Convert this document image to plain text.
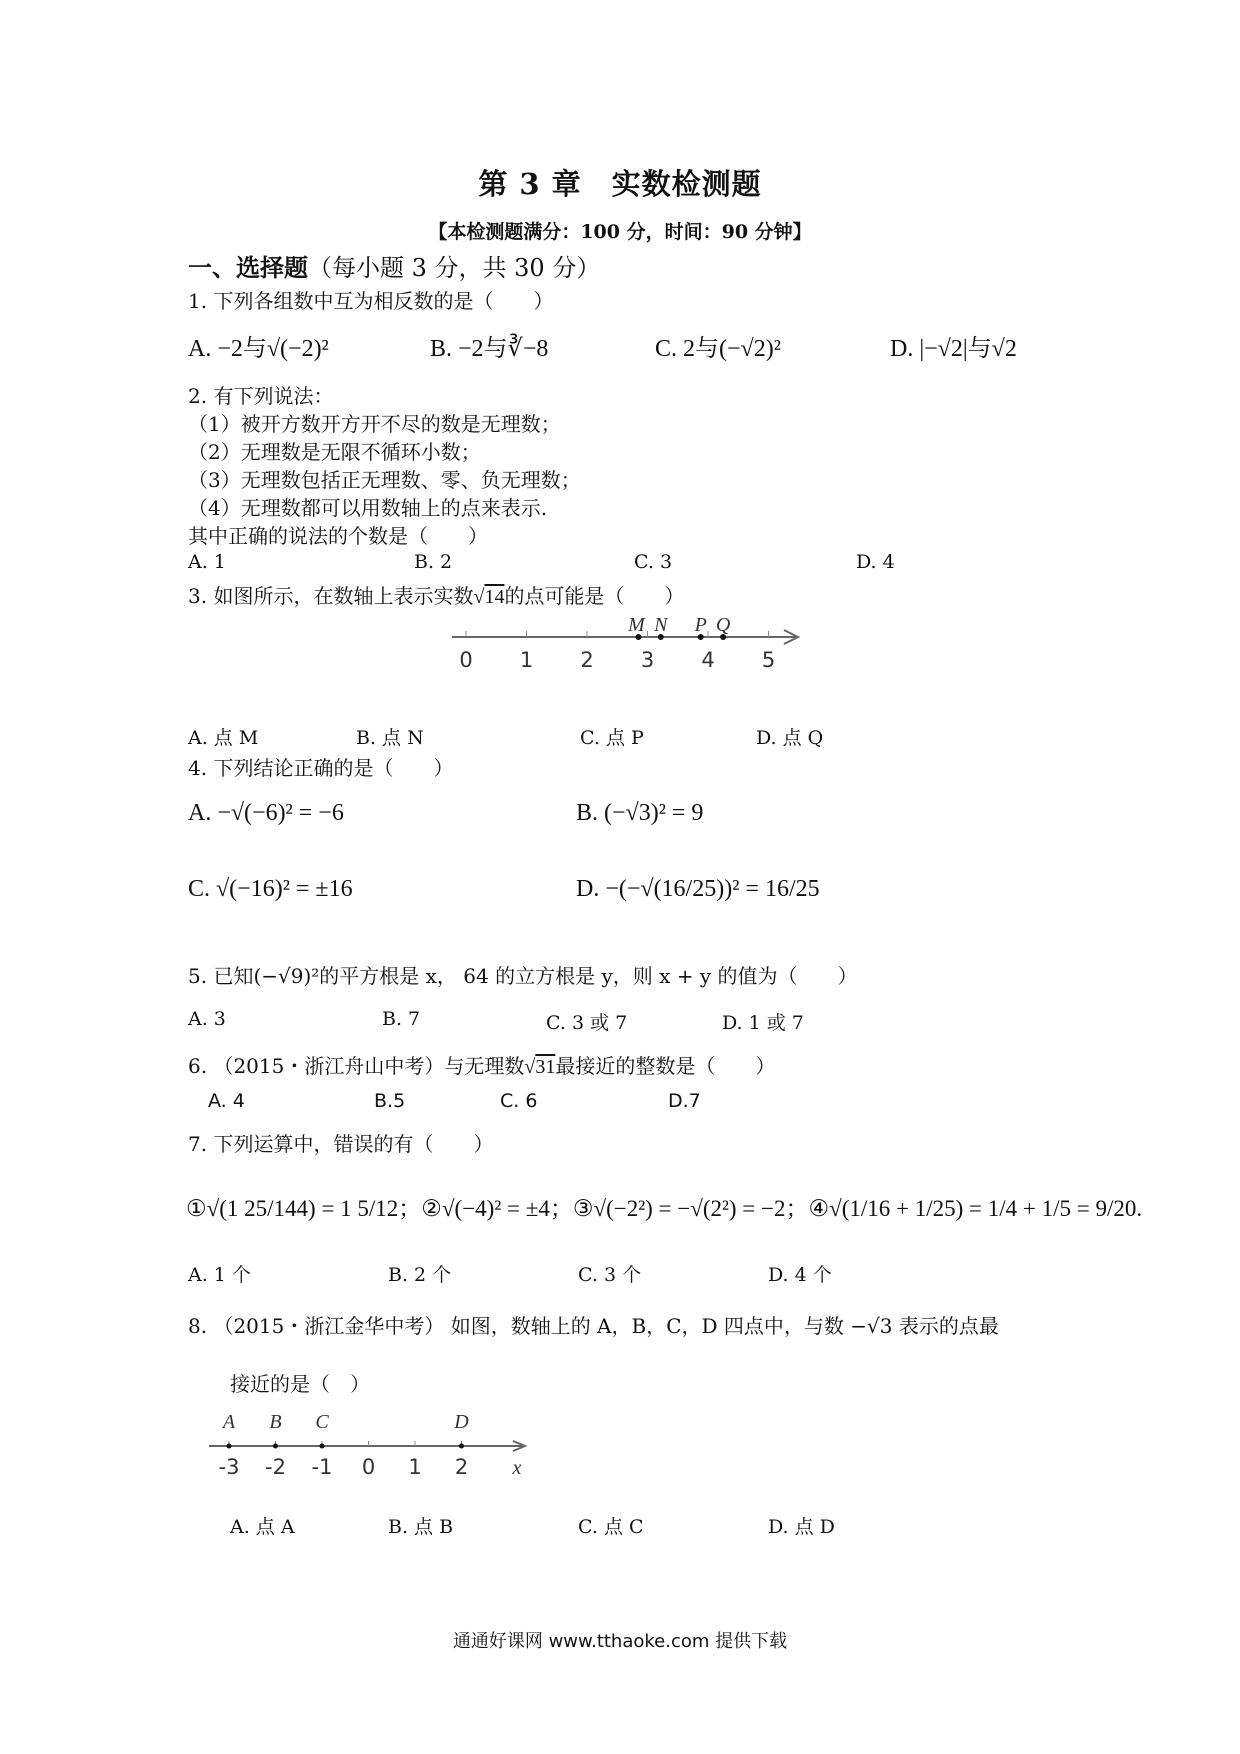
第 3 章　实数检测题
【本检测题满分：100 分，时间：90 分钟】
一、选择题（每小题 3 分，共 30 分）
1. 下列各组数中互为相反数的是（　　）
A. −2与√(−2)²	B. −2与∛−8	C. 2与(−√2)²	D. |−√2|与√2
2. 有下列说法：
（1）被开方数开方开不尽的数是无理数；
（2）无理数是无限不循环小数；
（3）无理数包括正无理数、零、负无理数；
（4）无理数都可以用数轴上的点来表示.
其中正确的说法的个数是（　　）
A. 1	B. 2	C. 3	D. 4
3. 如图所示，在数轴上表示实数√14的点可能是（　　）
0 1 2 3 4 5
M N P Q
A. 点 M	B. 点 N	C. 点 P	D. 点 Q
4. 下列结论正确的是（　　）
A. −√(−6)² = −6	B. (−√3)² = 9
C. √(−16)² = ±16	D. −(−√(16/25))² = 16/25
5. 已知(−√9)²的平方根是 x， 64 的立方根是 y，则 x + y 的值为（　　）
A. 3	B. 7	C. 3 或 7	D. 1 或 7
6. （2015・浙江舟山中考）与无理数√31最接近的整数是（　　）
A. 4	B.5	C. 6	D.7
7. 下列运算中，错误的有（　　）
①√(1 25/144) = 1 5/12；②√(−4)² = ±4；③√(−2²) = −√(2²) = −2；④√(1/16 + 1/25) = 1/4 + 1/5 = 9/20.
A. 1 个	B. 2 个	C. 3 个	D. 4 个
8. （2015・浙江金华中考） 如图，数轴上的 A，B，C，D 四点中，与数 −√3 表示的点最
接近的是（　）
-3 -2 -1 0 1 2 x
A B C	D
A. 点 A	B. 点 B	C. 点 C	D. 点 D
通通好课网 www.tthaoke.com 提供下载
